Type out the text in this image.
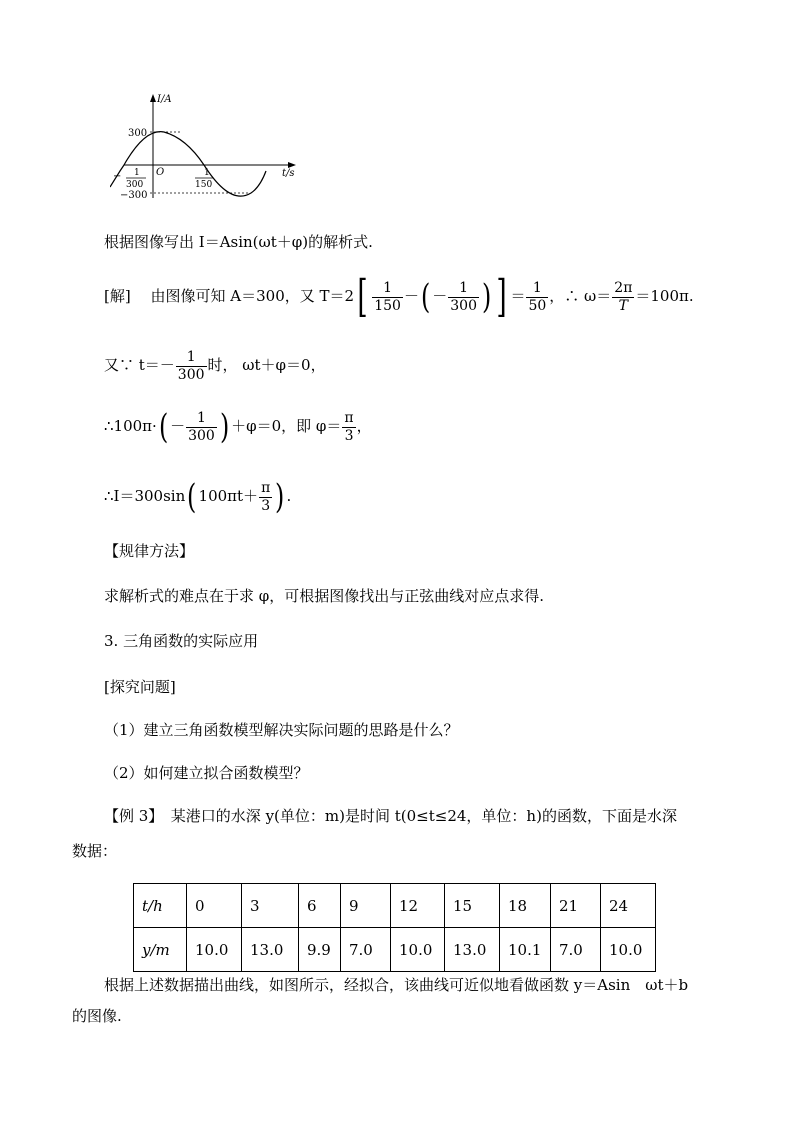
I/A
t/s
300
−300
O
− 1
300
1
150
根据图像写出 I＝Asin(ωt＋φ)的解析式.
[解]　 由图像可知 A＝300，又 $T=2[ \frac{1}{150}$ －( － $\frac{1}{300}$ ) ] ＝ $\frac{1}{50}$ ，∴ $\omega= \frac{2\pi}{T} =100\pi$.
又∵ $t=- \frac{1}{300}$ 时， ωt＋φ＝0，
∴100π·( － $\frac{1}{300}$ ) ＋φ＝0，即 $\varphi= \frac{\pi}{3}$ ，
∴I＝300sin( $100\pi t+ \frac{\pi}{3}$ ) .
【规律方法】
求解析式的难点在于求 φ，可根据图像找出与正弦曲线对应点求得.
3. 三角函数的实际应用
[探究问题]
（1）建立三角函数模型解决实际问题的思路是什么？
（2）如何建立拟合函数模型？
【例 3】　某港口的水深 y(单位：m)是时间 t(0≤t≤24，单位：h)的函数，下面是水深
数据：
t/h	0	3	6	9	12	15	18	21	24
y/m	10.0	13.0	9.9	7.0	10.0	13.0	10.1	7.0	10.0
根据上述数据描出曲线，如图所示，经拟合，该曲线可近似地看做函数 y＝Asin　ωt＋b
的图像.
